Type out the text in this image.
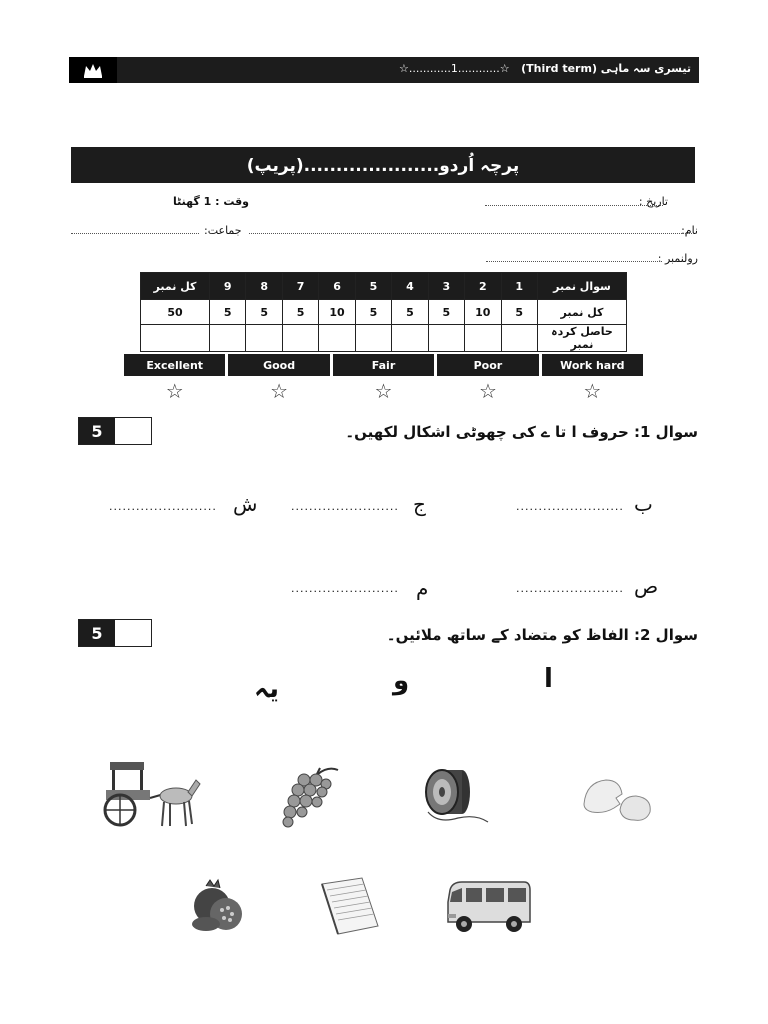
☆............1............☆ تیسری سہ ماہی (Third term)
پرچہ اُردو.....................(پریپ)
تاریخ :
وقت : 1 گھنٹا
نام:
جماعت:
رولنمبر :
کل نمبر	9	8	7	6	5	4	3	2	1	سوال نمبر
50	5	5	5	10	5	5	5	10	5	کل نمبر
										حاصل کردہ نمبر
Excellent	Good	Fair	Poor	Work hard
☆	☆	☆	☆	☆
5	سوال 1: حروف ا تا ے کی چھوٹی اشکال لکھیں۔
ب
........................
ج
........................
ش
........................
ص
........................
م
........................
5	سوال 2: الفاظ کو متضاد کے ساتھ ملائیں۔
ا
و
یہ
